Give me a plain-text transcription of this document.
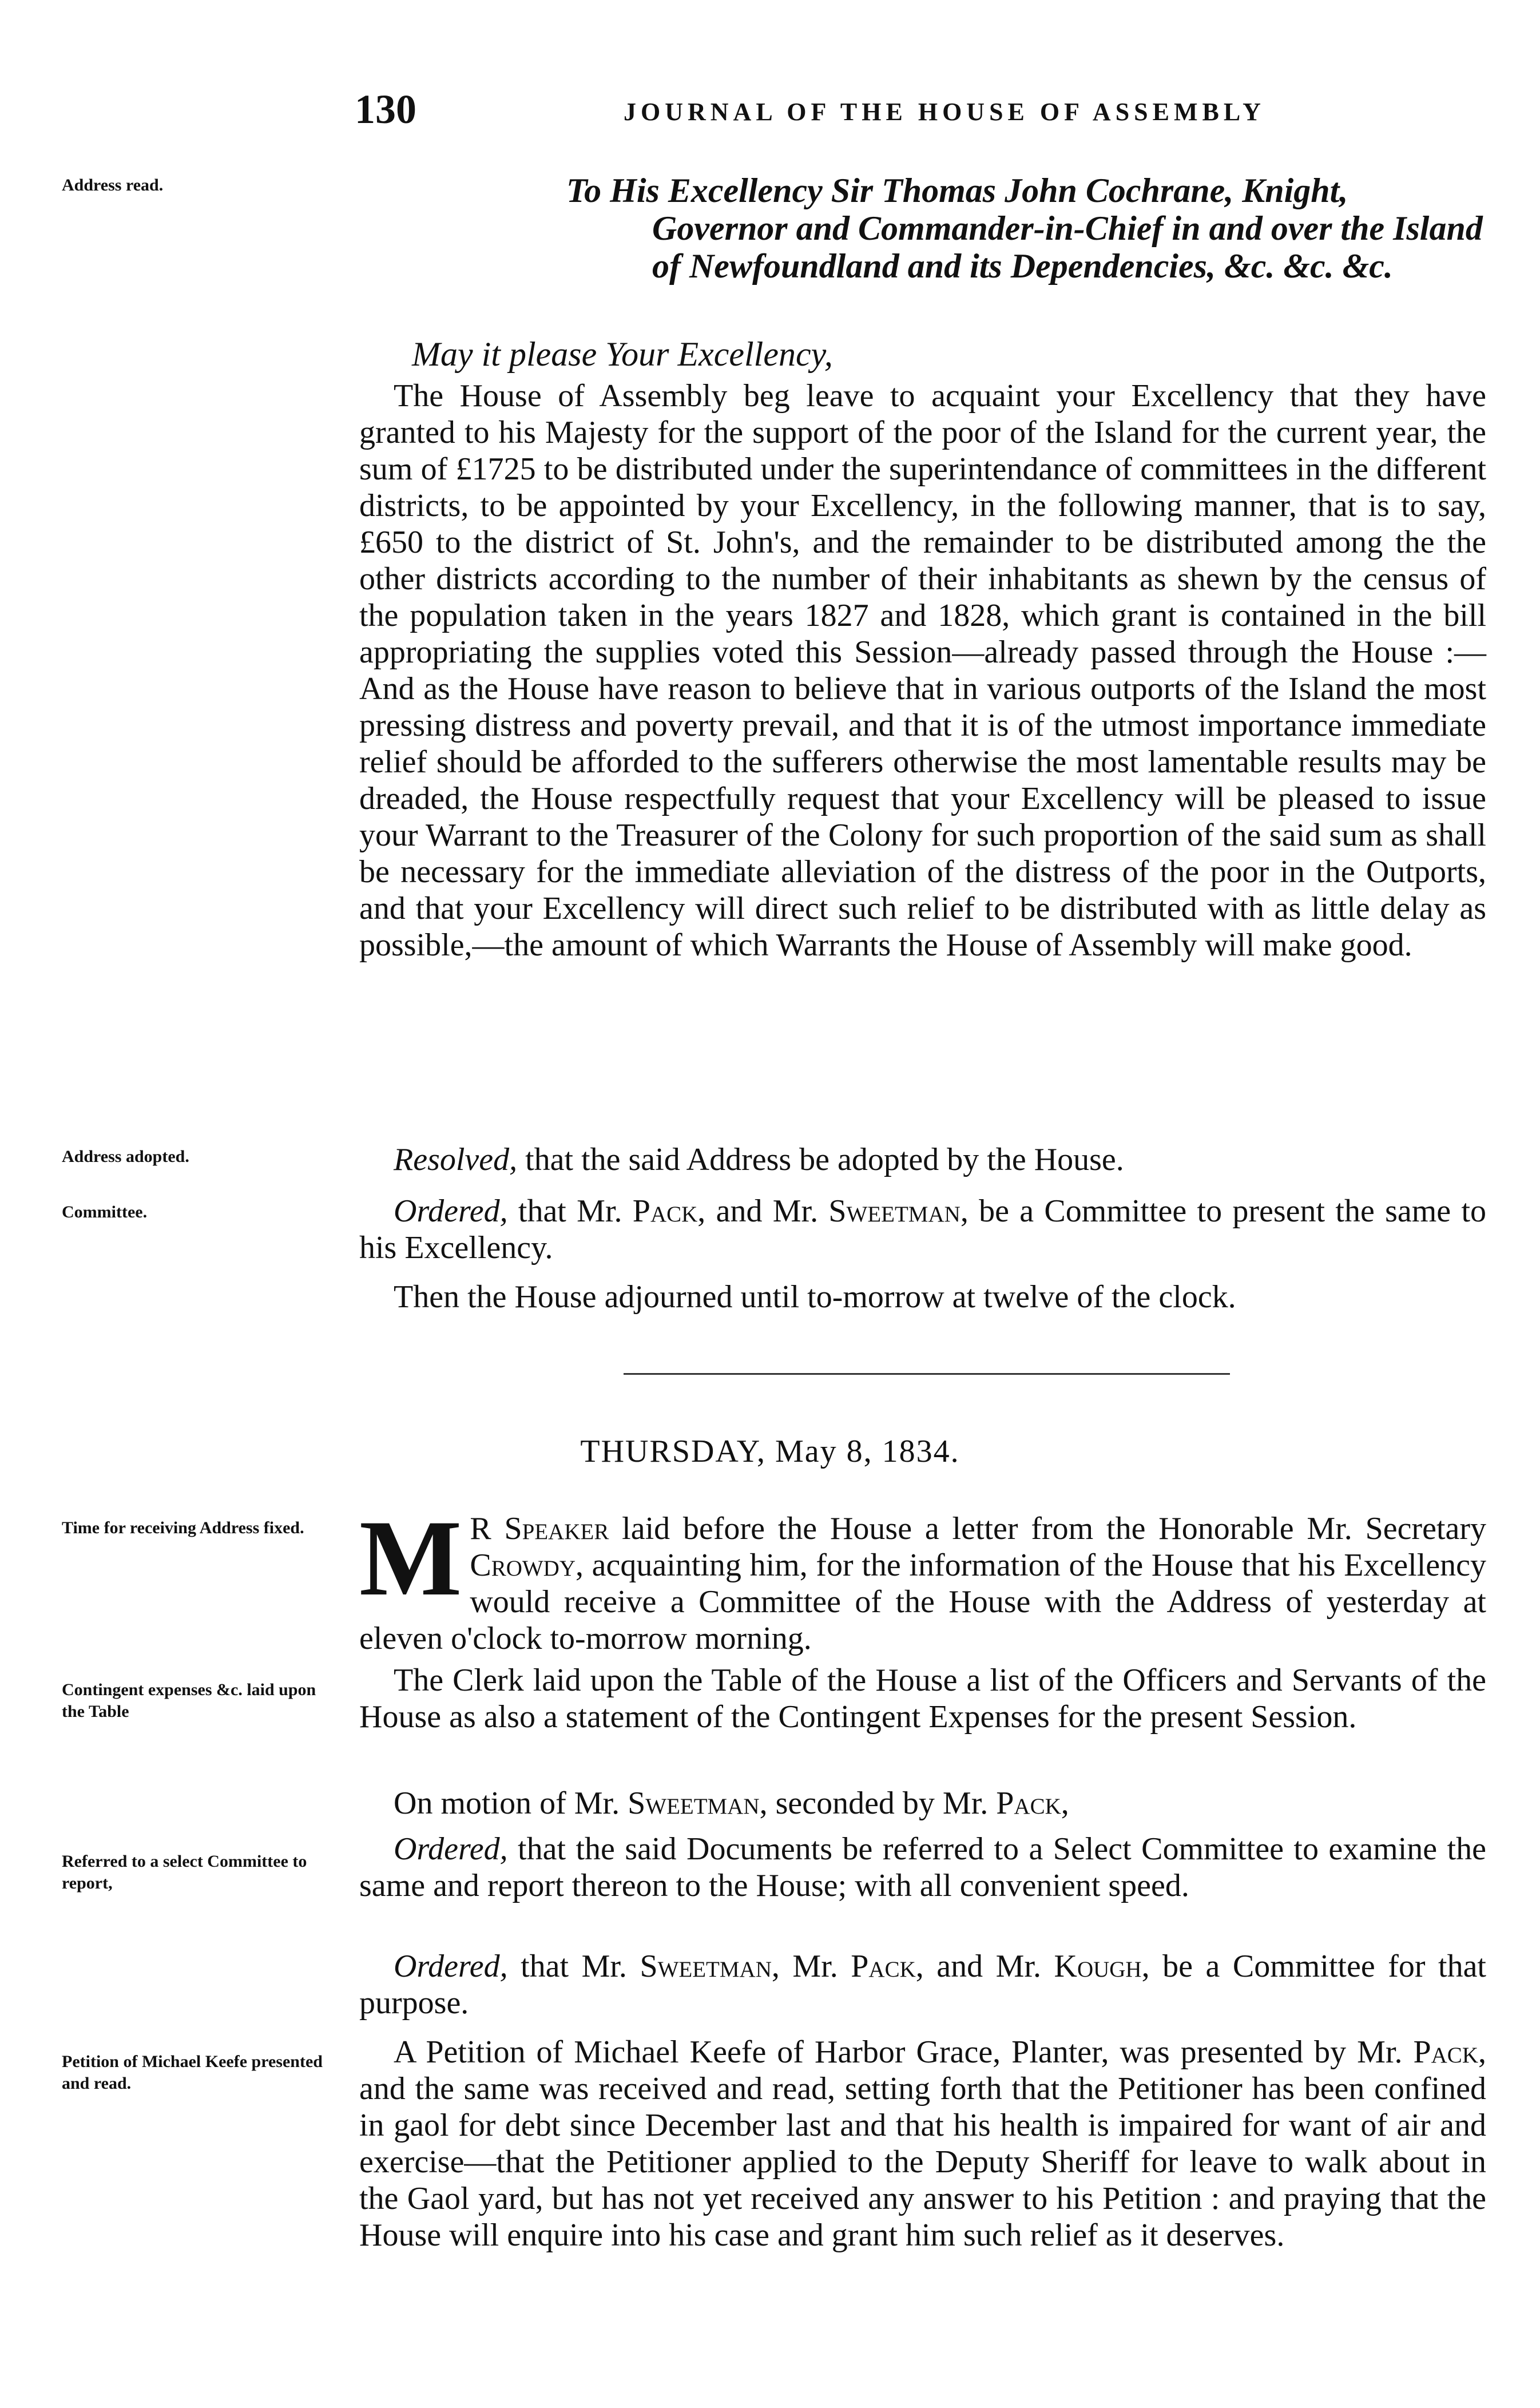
130	JOURNAL OF THE HOUSE OF ASSEMBLY
Address read.
Address adopted.
Committee.
Time for receiving Address fixed.
Contingent expenses &c. laid upon the Table
Referred to a select Committee to report,
Petition of Michael Keefe presented and read.
To His Excellency Sir Thomas John Cochrane, Knight,
Governor and Commander-in-Chief in and over the Island of Newfoundland and its Dependencies, &c. &c. &c.
May it please Your Excellency,

The House of Assembly beg leave to acquaint your Excellency that they have granted to his Majesty for the support of the poor of the Island for the current year, the sum of £1725 to be distributed under the superintendance of committees in the different districts, to be appointed by your Excellency, in the following manner, that is to say, £650 to the district of St. John's, and the remainder to be distributed among the the other districts according to the number of their inhabitants as shewn by the census of the population taken in the years 1827 and 1828, which grant is contained in the bill appropriating the supplies voted this Session—already passed through the House :—And as the House have reason to believe that in various outports of the Island the most pressing distress and poverty prevail, and that it is of the utmost importance immediate relief should be afforded to the sufferers otherwise the most lamentable results may be dreaded, the House respectfully request that your Excellency will be pleased to issue your Warrant to the Treasurer of the Colony for such proportion of the said sum as shall be necessary for the immediate alleviation of the distress of the poor in the Outports, and that your Excellency will direct such relief to be distributed with as little delay as possible,—the amount of which Warrants the House of Assembly will make good.

Resolved, that the said Address be adopted by the House.

Ordered, that Mr. Pack, and Mr. Sweetman, be a Committee to present the same to his Excellency.

Then the House adjourned until to-morrow at twelve of the clock.

THURSDAY, May 8, 1834.

M R Speaker laid before the House a letter from the Honorable Mr. Secretary Crowdy, acquainting him, for the information of the House that his Excellency would receive a Committee of the House with the Address of yesterday at eleven o'clock to-morrow morning.

The Clerk laid upon the Table of the House a list of the Officers and Servants of the House as also a statement of the Contingent Expenses for the present Session.

On motion of Mr. Sweetman, seconded by Mr. Pack,

Ordered, that the said Documents be referred to a Select Committee to examine the same and report thereon to the House; with all convenient speed.

Ordered, that Mr. Sweetman, Mr. Pack, and Mr. Kough, be a Committee for that purpose.

A Petition of Michael Keefe of Harbor Grace, Planter, was presented by Mr. Pack, and the same was received and read, setting forth that the Petitioner has been confined in gaol for debt since December last and that his health is impaired for want of air and exercise—that the Petitioner applied to the Deputy Sheriff for leave to walk about in the Gaol yard, but has not yet received any answer to his Petition : and praying that the House will enquire into his case and grant him such relief as it deserves.
